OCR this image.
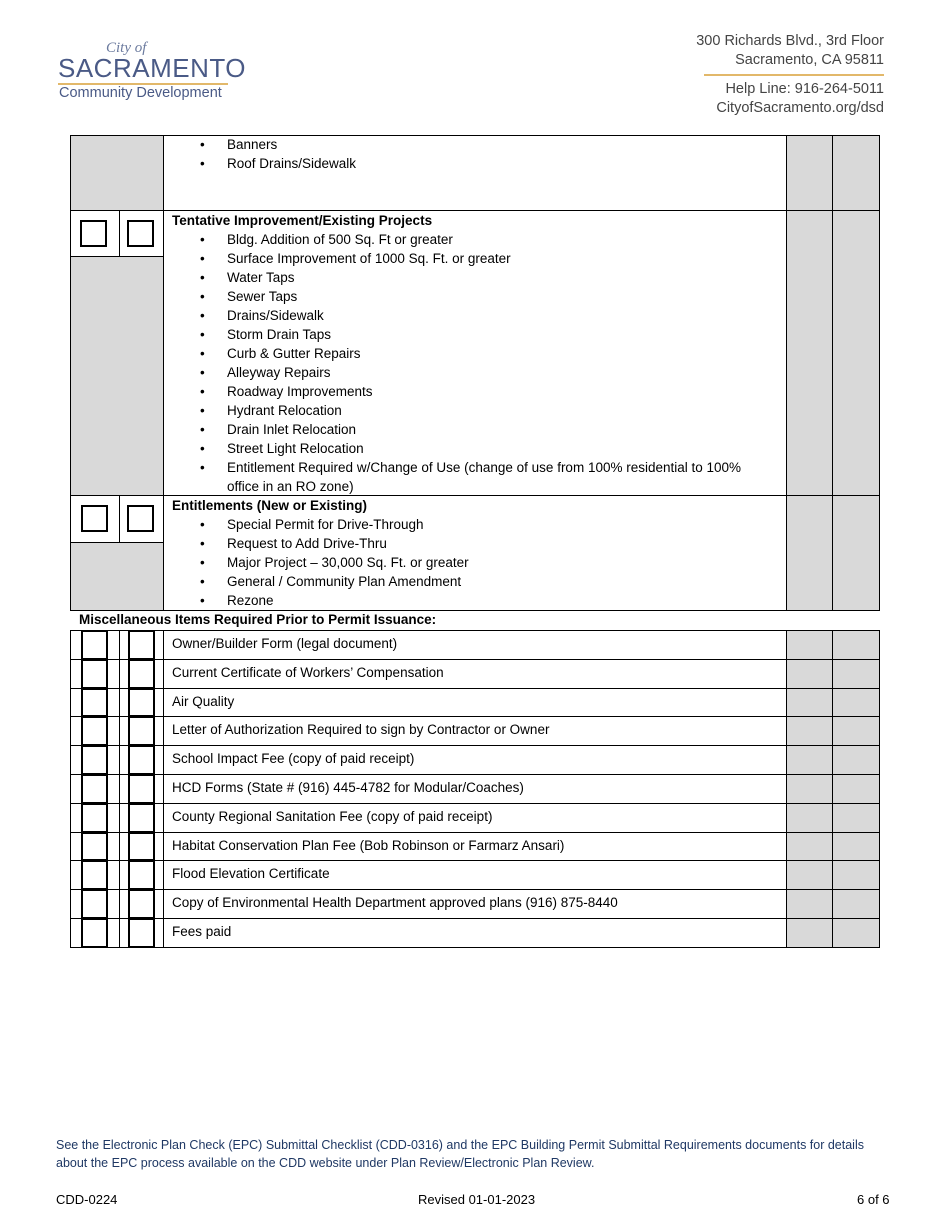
City of
SACRAMENTO
Community Development
300 Richards Blvd., 3rd Floor
Sacramento, CA 95811
Help Line: 916-264-5011
CityofSacramento.org/dsd
• Banners
• Roof Drains/Sidewalk
Tentative Improvement/Existing Projects
• Bldg. Addition of 500 Sq. Ft or greater
• Surface Improvement of 1000 Sq. Ft. or greater
• Water Taps
• Sewer Taps
• Drains/Sidewalk
• Storm Drain Taps
• Curb & Gutter Repairs
• Alleyway Repairs
• Roadway Improvements
• Hydrant Relocation
• Drain Inlet Relocation
• Street Light Relocation
• Entitlement Required w/Change of Use (change of use from 100% residential to 100% office in an RO zone)
Entitlements (New or Existing)
• Special Permit for Drive-Through
• Request to Add Drive-Thru
• Major Project – 30,000 Sq. Ft. or greater
• General / Community Plan Amendment
• Rezone
Miscellaneous Items Required Prior to Permit Issuance:
Owner/Builder Form (legal document)
Current Certificate of Workers’ Compensation
Air Quality
Letter of Authorization Required to sign by Contractor or Owner
School Impact Fee (copy of paid receipt)
HCD Forms (State # (916) 445-4782 for Modular/Coaches)
County Regional Sanitation Fee (copy of paid receipt)
Habitat Conservation Plan Fee (Bob Robinson or Farmarz Ansari)
Flood Elevation Certificate
Copy of Environmental Health Department approved plans (916) 875-8440
Fees paid
See the Electronic Plan Check (EPC) Submittal Checklist (CDD-0316) and the EPC Building Permit Submittal Requirements documents for details about the EPC process available on the CDD website under Plan Review/Electronic Plan Review.
CDD-0224	Revised 01-01-2023	6 of 6
